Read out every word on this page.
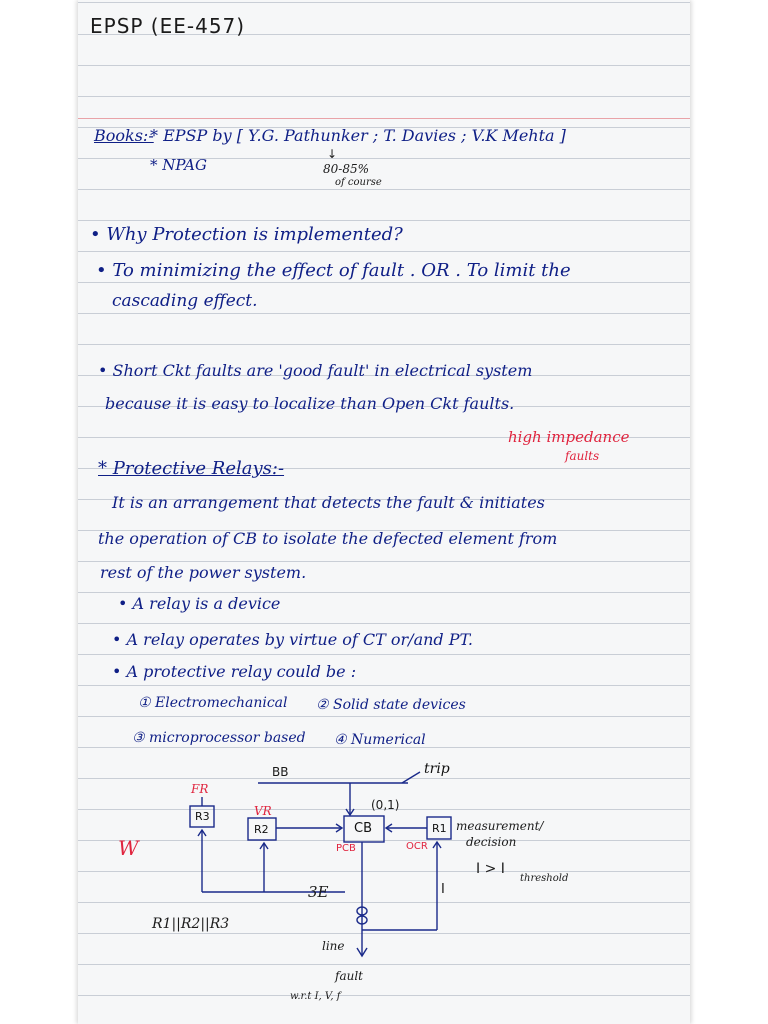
EPSP (EE-457)
Books:-
* EPSP by [ Y.G. Pathunker ; T. Davies ; V.K Mehta ]
* NPAG
↓
80-85%
of course
• Why Protection is implemented?
• To minimizing the effect of fault . OR . To limit the
cascading effect.
• Short Ckt faults are 'good fault' in electrical system
because it is easy to localize than Open Ckt faults.
high impedance
faults
* Protective Relays:-
It is an arrangement that detects the fault & initiates
the operation of CB to isolate the defected element from
rest of the power system.
• A relay is a device
• A relay operates by virtue of CT or/and PT.
• A protective relay could be :
① Electromechanical ② Solid state devices
③ microprocessor based ④ Numerical
BB	trip
(0,1)
FR
VR
R3
R2	CB
PCB
R1
OCR
measurement/
decision
I > I
threshold
I
3E
R1||R2||R3
line
fault
w.r.t I, V, f
W
